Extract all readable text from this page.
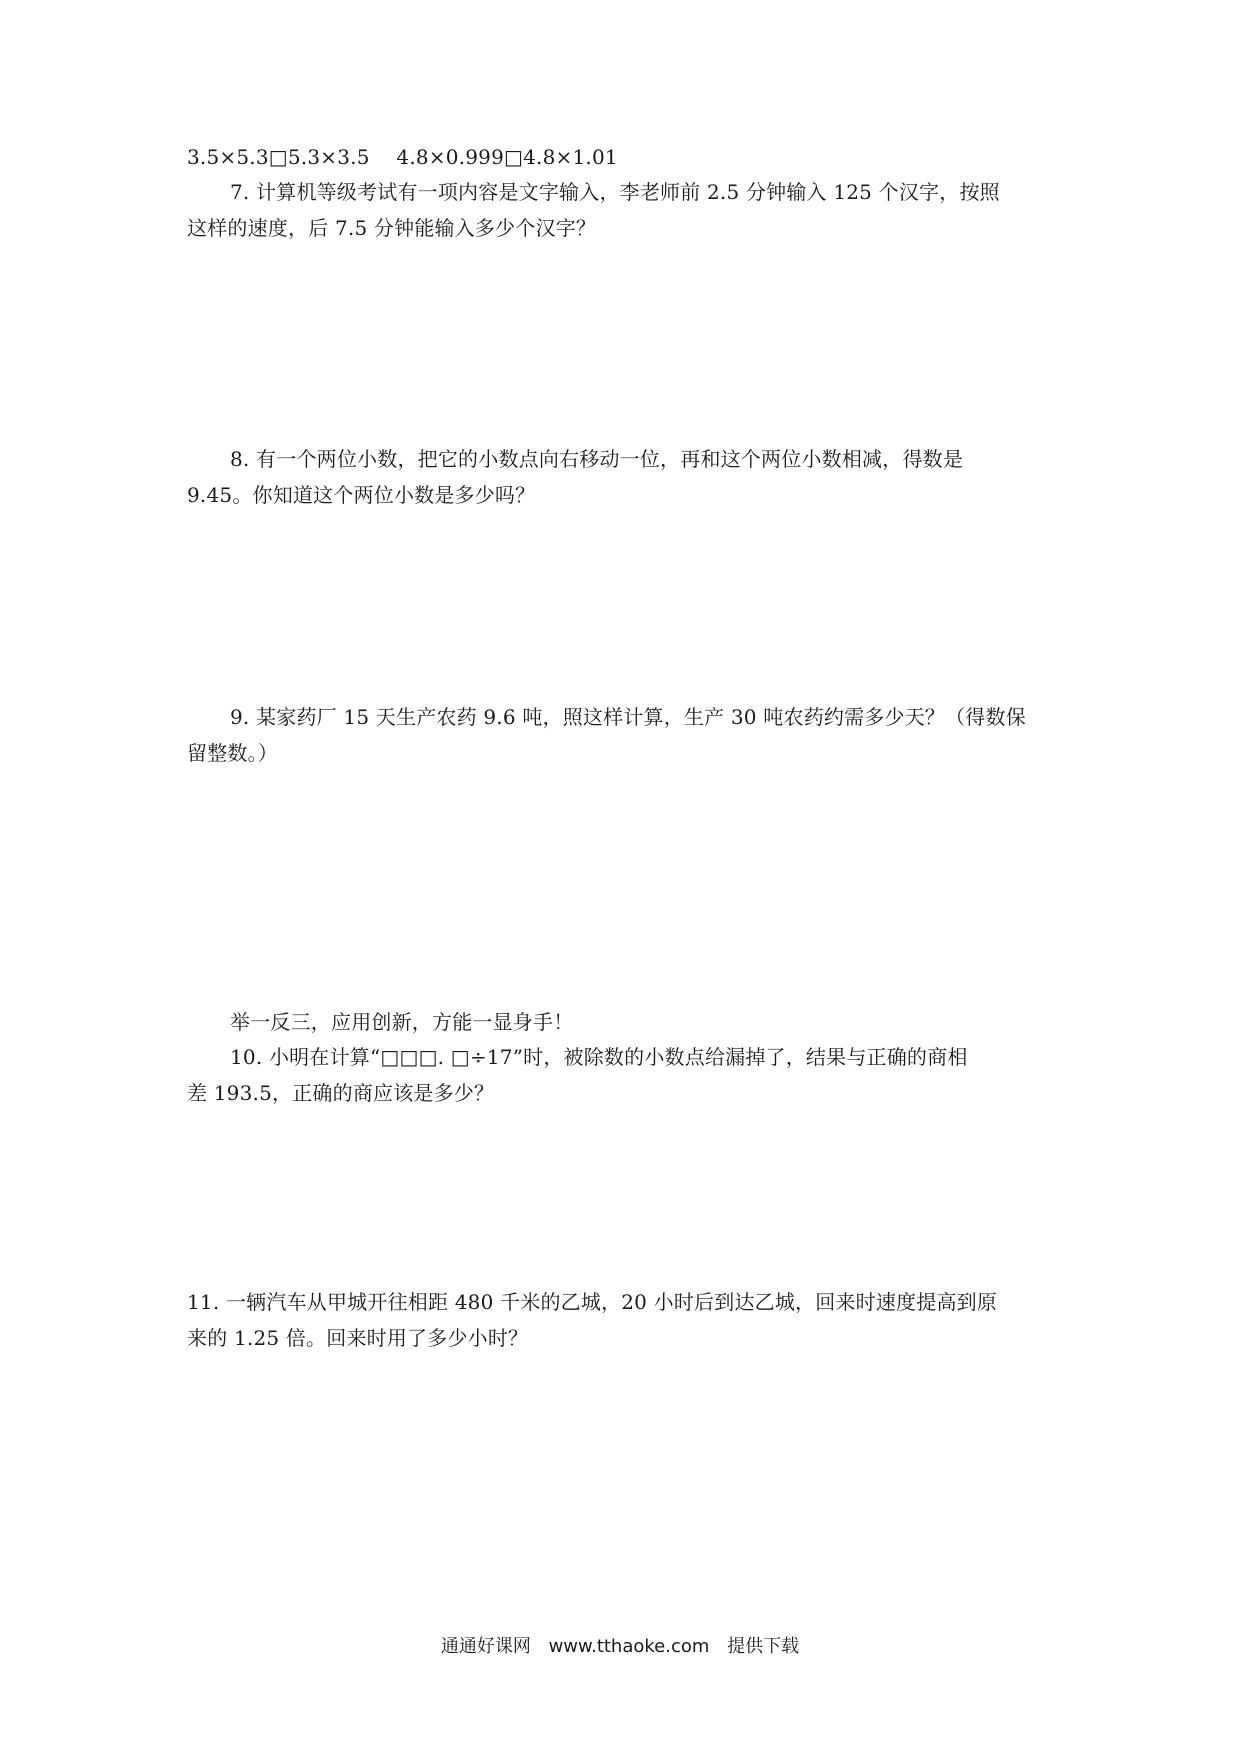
3.5×5.3□5.3×3.5　 4.8×0.999□4.8×1.01
7. 计算机等级考试有一项内容是文字输入，李老师前 2.5 分钟输入 125 个汉字，按照
这样的速度，后 7.5 分钟能输入多少个汉字？
8. 有一个两位小数，把它的小数点向右移动一位，再和这个两位小数相减，得数是
9.45。你知道这个两位小数是多少吗？
9. 某家药厂 15 天生产农药 9.6 吨，照这样计算，生产 30 吨农药约需多少天？（得数保
留整数。）
举一反三，应用创新，方能一显身手！
10. 小明在计算“□□□. □÷17”时，被除数的小数点给漏掉了，结果与正确的商相
差 193.5，正确的商应该是多少？
11. 一辆汽车从甲城开往相距 480 千米的乙城，20 小时后到达乙城，回来时速度提高到原
来的 1.25 倍。回来时用了多少小时？
通通好课网 www.tthaoke.com 提供下载
